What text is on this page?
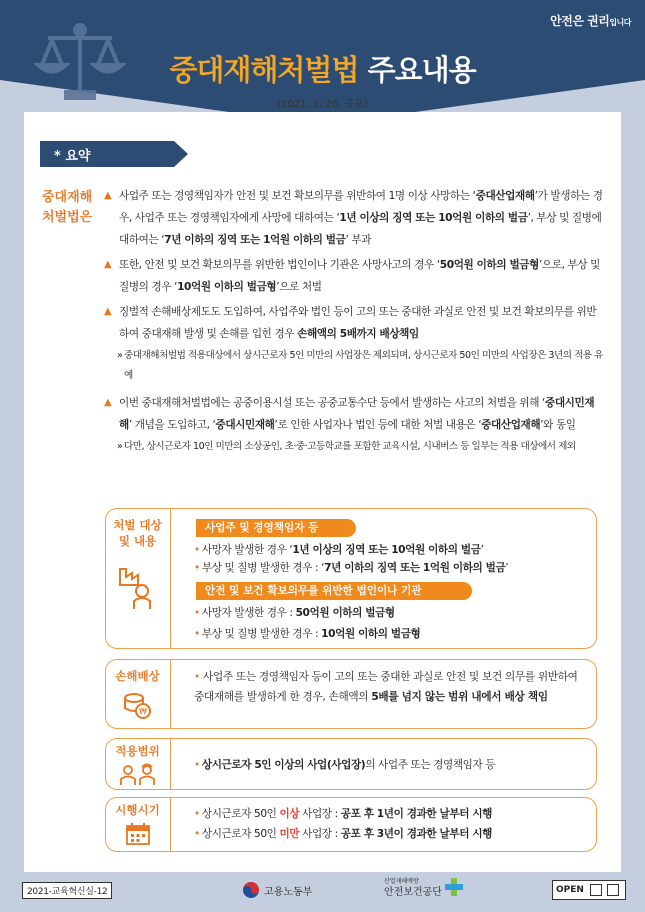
안전은 권리입니다
중대재해처벌법 주요내용
(2021. 1. 26. 공포)
* 요약
중대재해
처벌법은
▲ 사업주 또는 경영책임자가 안전 및 보건 확보의무를 위반하여 1명 이상 사망하는 ‘중대산업재해’가 발생하는 경우, 사업주 또는 경영책임자에게 사망에 대하여는 ‘1년 이상의 징역 또는 10억원 이하의 벌금’, 부상 및 질병에 대하여는 ‘7년 이하의 징역 또는 1억원 이하의 벌금’ 부과
▲ 또한, 안전 및 보건 확보의무를 위반한 법인이나 기관은 사망사고의 경우 ‘50억원 이하의 벌금형’으로, 부상 및 질병의 경우 ‘10억원 이하의 벌금형’으로 처벌
▲ 징벌적 손해배상제도도 도입하여, 사업주와 법인 등이 고의 또는 중대한 과실로 안전 및 보건 확보의무를 위반하여 중대재해 발생 및 손해를 입힌 경우 손해액의 5배까지 배상책임
» 중대재해처벌법 적용대상에서 상시근로자 5인 미만의 사업장은 제외되며, 상시근로자 50인 미만의 사업장은 3년의 적용 유예
▲ 이번 중대재해처벌법에는 공중이용시설 또는 공중교통수단 등에서 발생하는 사고의 처벌을 위해 ‘중대시민재해’ 개념을 도입하고, ‘중대시민재해’로 인한 사업자나 법인 등에 대한 처벌 내용은 ‘중대산업재해’와 동일
» 다만, 상시근로자 10인 미만의 소상공인, 초·중·고등학교를 포함한 교육시설, 시내버스 등 일부는 적용 대상에서 제외
처벌 대상
및 내용
사업주 및 경영책임자 등
• 사망자 발생한 경우 ‘1년 이상의 징역 또는 10억원 이하의 벌금’
• 부상 및 질병 발생한 경우 : ‘7년 이하의 징역 또는 1억원 이하의 벌금’
안전 및 보건 확보의무를 위반한 법인이나 기관
• 사망자 발생한 경우 : 50억원 이하의 벌금형
• 부상 및 질병 발생한 경우 : 10억원 이하의 벌금형
손해배상
₩
• 사업주 또는 경영책임자 등이 고의 또는 중대한 과실로 안전 및 보건 의무를 위반하여 중대재해를 발생하게 한 경우, 손해액의 5배를 넘지 않는 범위 내에서 배상 책임
적용범위
• 상시근로자 5인 이상의 사업(사업장)의 사업주 또는 경영책임자 등
시행시기	• 상시근로자 50인 이상 사업장 : 공포 후 1년이 경과한 날부터 시행
• 상시근로자 50인 미만 사업장 : 공포 후 3년이 경과한 날부터 시행
2021-교육혁신실-12	고용노동부
산업재해예방
안전보건공단	OPEN
